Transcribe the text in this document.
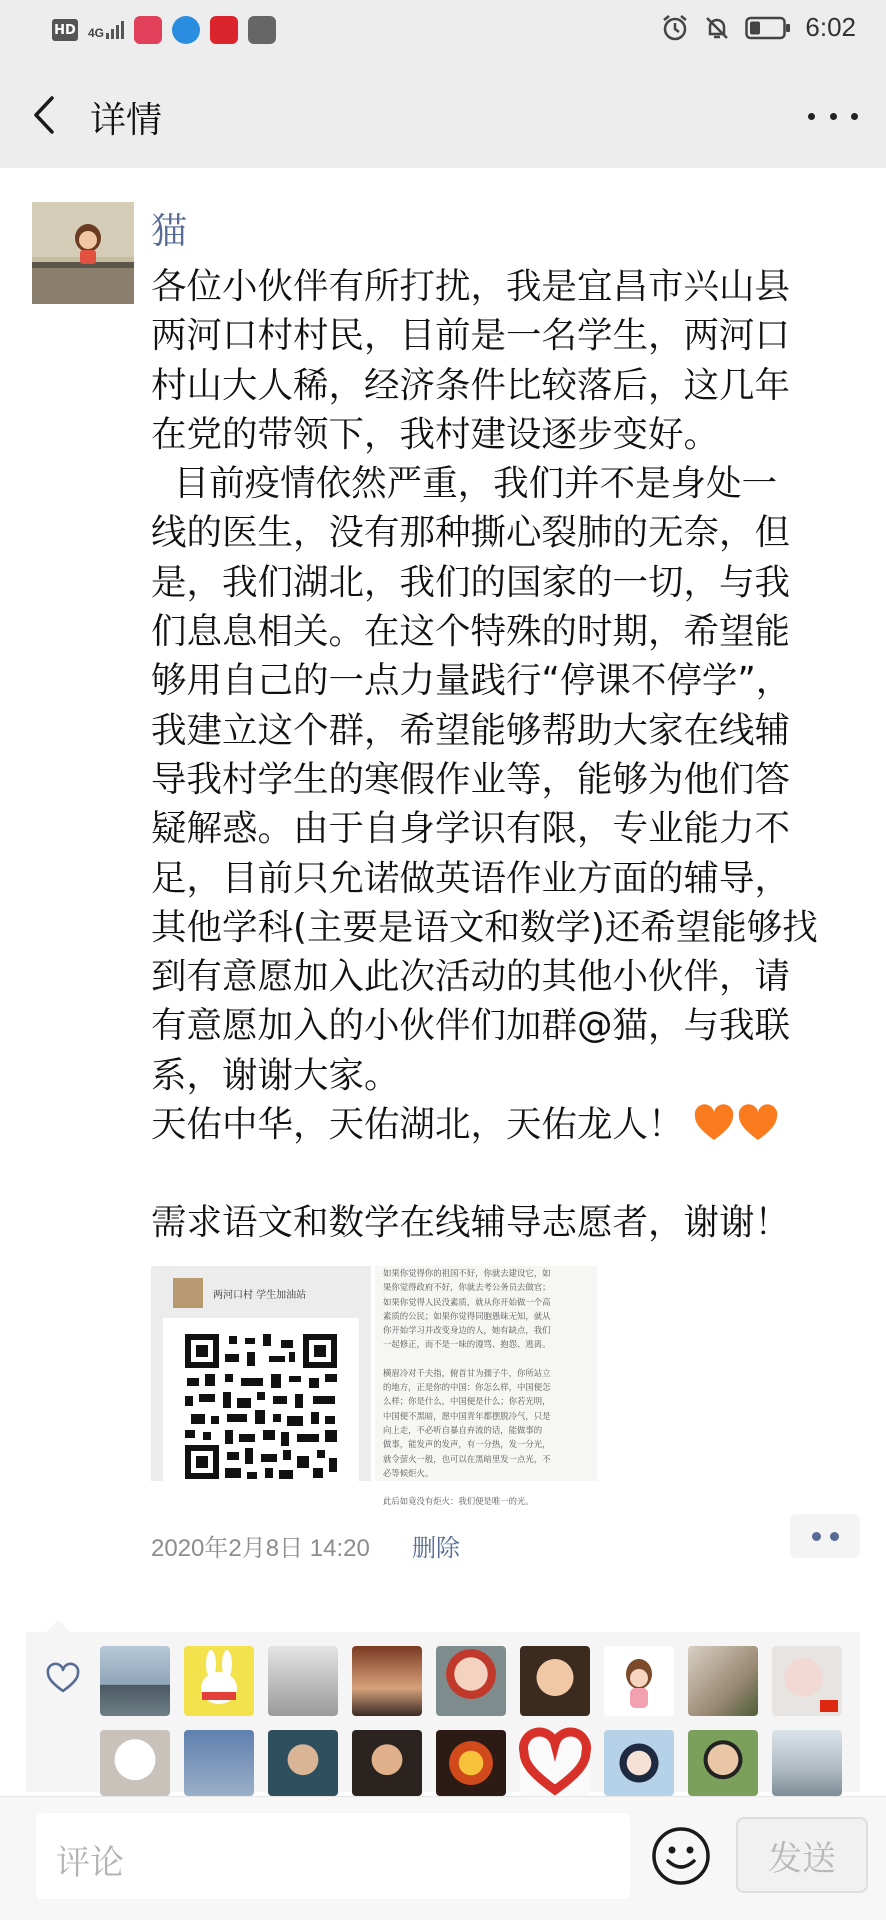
HD 4G	6:02
详情
猫

各位小伙伴有所打扰，我是宜昌市兴山县

两河口村村民，目前是一名学生，两河口

村山大人稀，经济条件比较落后，这几年

在党的带领下，我村建设逐步变好。

目前疫情依然严重，我们并不是身处一

线的医生，没有那种撕心裂肺的无奈，但

是，我们湖北，我们的国家的一切，与我

们息息相关。在这个特殊的时期，希望能

够用自己的一点力量践行“停课不停学”，

我建立这个群，希望能够帮助大家在线辅

导我村学生的寒假作业等，能够为他们答

疑解惑。由于自身学识有限，专业能力不

足，目前只允诺做英语作业方面的辅导，

其他学科(主要是语文和数学)还希望能够找

到有意愿加入此次活动的其他小伙伴，请

有意愿加入的小伙伴们加群@猫，与我联

系，谢谢大家。

天佑中华，天佑湖北，天佑龙人！

需求语文和数学在线辅导志愿者，谢谢！

两河口村 学生加油站
如果你觉得你的祖国不好，你就去建设它，如
果你觉得政府不好，你就去考公务员去做官；
如果你觉得人民没素质，就从你开始做一个高
素质的公民；如果你觉得同胞愚昧无知，就从
你开始学习并改变身边的人，她有缺点，我们
一起修正，而不是一味的谩骂、抱怨、逃离。
横眉冷对千夫指，俯首甘为孺子牛，你所站立
的地方，正是你的中国：你怎么样，中国便怎
么样；你是什么，中国便是什么；你若光明，
中国便不黑暗，愿中国青年都摆脱冷气，只是
向上走，不必听自暴自弃流的话，能做事的
做事，能发声的发声，有一分热，发一分光，
就令萤火一般，也可以在黑暗里发一点光，不
必等候炬火。
此后如竟没有炬火：我们便是唯一的光。
2020年2月8日 14:20 删除
评论	发送
